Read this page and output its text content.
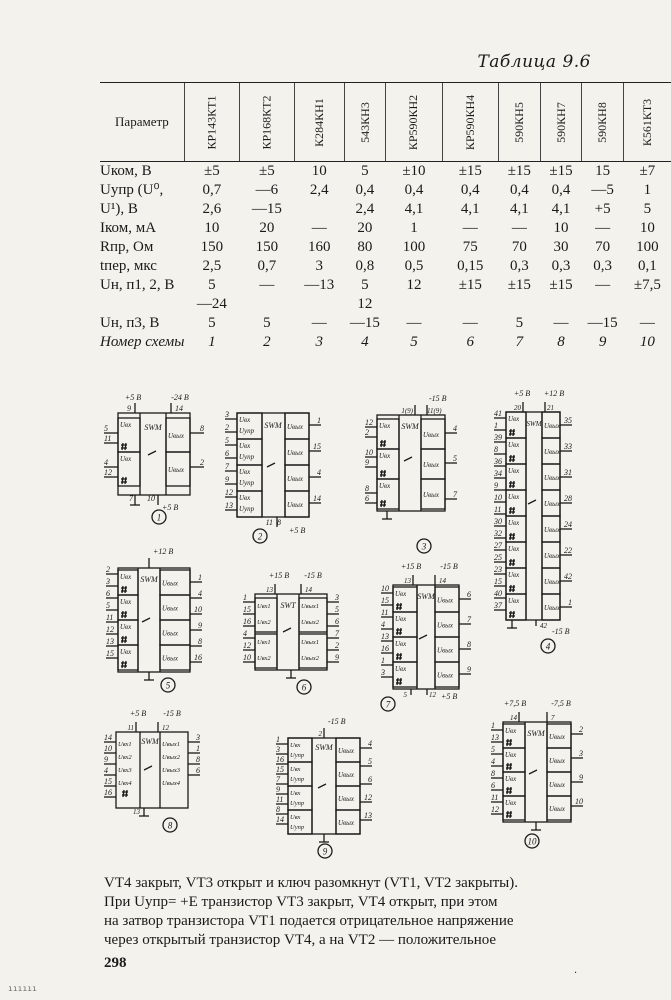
Таблица 9.6
Параметр	КР143КТ1	КР168КТ2	К284КН1	543КН3	КР590КН2	КР590КН4	590КН5	590КН7	590КН8	К561КТ3
Uком, В	±5	±5	10	5	±10	±15	±15	±15	15	±7
Uупр (U⁰,	0,7	—6	2,4	0,4	0,4	0,4	0,4	0,4	—5	1
U¹), В	2,6	—15		2,4	4,1	4,1	4,1	4,1	+5	5
Iком, мА	10	20	—	20	1	—	—	10	—	10
Rпр, Ом	150	150	160	80	100	75	70	30	70	100
tпер, мкс	2,5	0,7	3	0,8	0,5	0,15	0,3	0,3	0,3	0,1
Uн, п1, 2, В	5	—	—13	5	12	±15	±15	±15	—	±7,5
	—24			12						
Uн, п3, В	5	5	—	—15	—	—	5	—	—15	—
Номер схемы	1	2	3	4	5	6	7	8	9	10
SWM
Uвх
Uвх
Uвых
Uвых
+5 В	-24 В
9	14
5
11
4
12
8
2
7 10
+5 В
1
SWM
Uвх
Uупр	Uвых
Uвх
Uупр	Uвых
Uвх
Uупр	Uвых
Uвх
Uупр	Uвых
3
2
5
6
7
9
12
13
1
15
4
14
11 8
+5 В
2
SWM
Uвх
Uвх
Uвх
Uвых
Uвых
Uвых
-15 В
1(9) 11(9)
12
2
10
9
8
6
4
5
7
3
SWM
Uвх
Uвх
Uвх
Uвх
Uвх
Uвх
Uвх
Uвх
Uвых
Uвых
Uвых
Uвых
Uвых
Uвых
Uвых
Uвых
+5 В +12 В
20	21
41
1
39
8
36
34
9
10
11
30
32
27
25
23
15
40
37
35
33
31
28
24
22
42
1
42
-15 В
4
SWM
Uвх
Uвх
Uвх
Uвх
Uвых
Uвых
Uвых
Uвых
+12 В
2
3
6
5
11
12
13
15
1
4
10
9
8
16
5
SWT
Uвх1
Uвх2
Uвых1
Uвых2
Uвх1
Uвх2
Uвых1
Uвых2
+15 В -15 В
13	14
1
15
16
4
12
10
3
5
6
7
2
9
6
SWM
Uвх
Uвх
Uвх
Uвх
Uвых
Uвых
Uвых
Uвых
+15 В -15 В
13	14
10
15
11
4
13
16
1
3
6
7
8
9
5	12 +5 В
7
SWM
Uвх1	Uвых1
Uвх2	Uвых2
Uвх3	Uвых3
Uвх4	Uвых4
+5 В -15 В
11	12
14
10
9
4
15
16
3
1
8
6
13
8
SWM
Uвх
Uупр
Uвых
Uвх
Uупр
Uвых
Uвх
Uупр
Uвых
Uвх
Uупр
Uвых
-15 В
2
1
3
16
15
7
9
11
8
14
4
5
6
12
13
9
SWM
Uвх
Uвх
Uвх
Uвх
Uвых
Uвых
Uвых
Uвых
+7,5 В	-7,5 В
14	7
1
13
5
4
8
6
11
12
2
3
9
10
10

VT4 закрыт, VT3 открыт и ключ разомкнут (VT1, VT2 закрыты).

При Uупр= +E транзистор VT3 закрыт, VT4 открыт, при этом

на затвор транзистора VT1 подается отрицательное напряжение

через открытый транзистор VT4, а на VT2 — положительное

298
ıııııı
·
